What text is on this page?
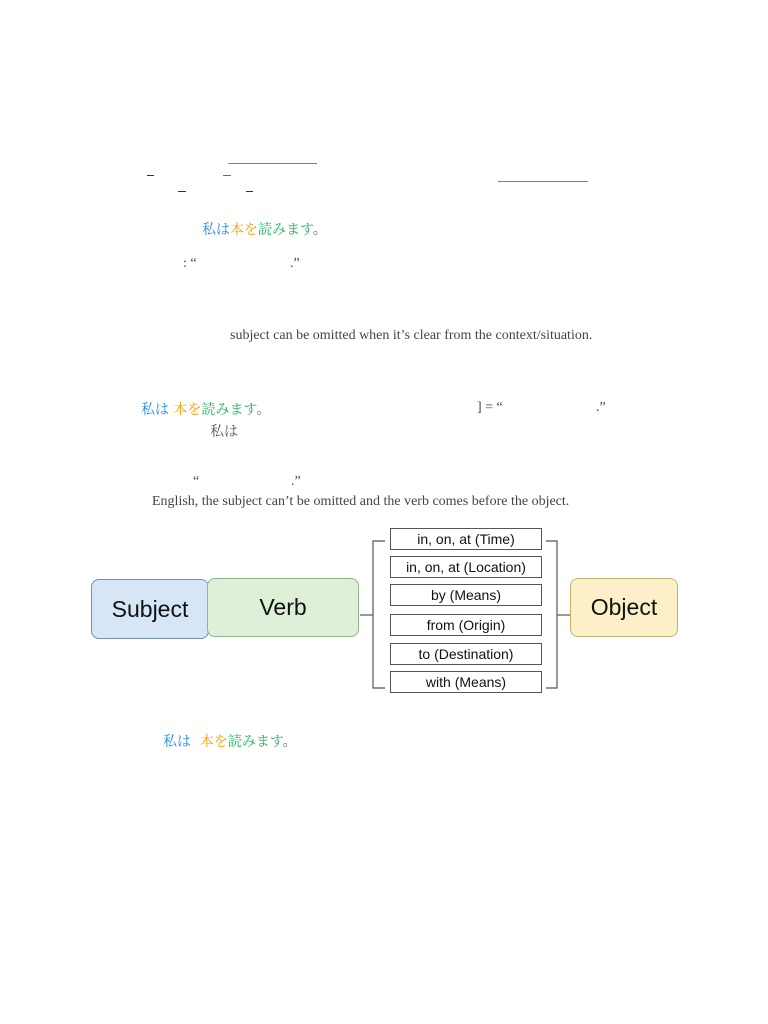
私は本を読みます。
: “	.”
subject can be omitted when it’s clear from the context/situation.
私は 本を読みます。	] = “	.”
私は
“	.”
English, the subject can’t be omitted and the verb comes before the object.
Subject	Verb	Object
in, on, at (Time)
in, on, at (Location)
by (Means)
from (Origin)
to (Destination)
with (Means)
私は 本を読みます。
